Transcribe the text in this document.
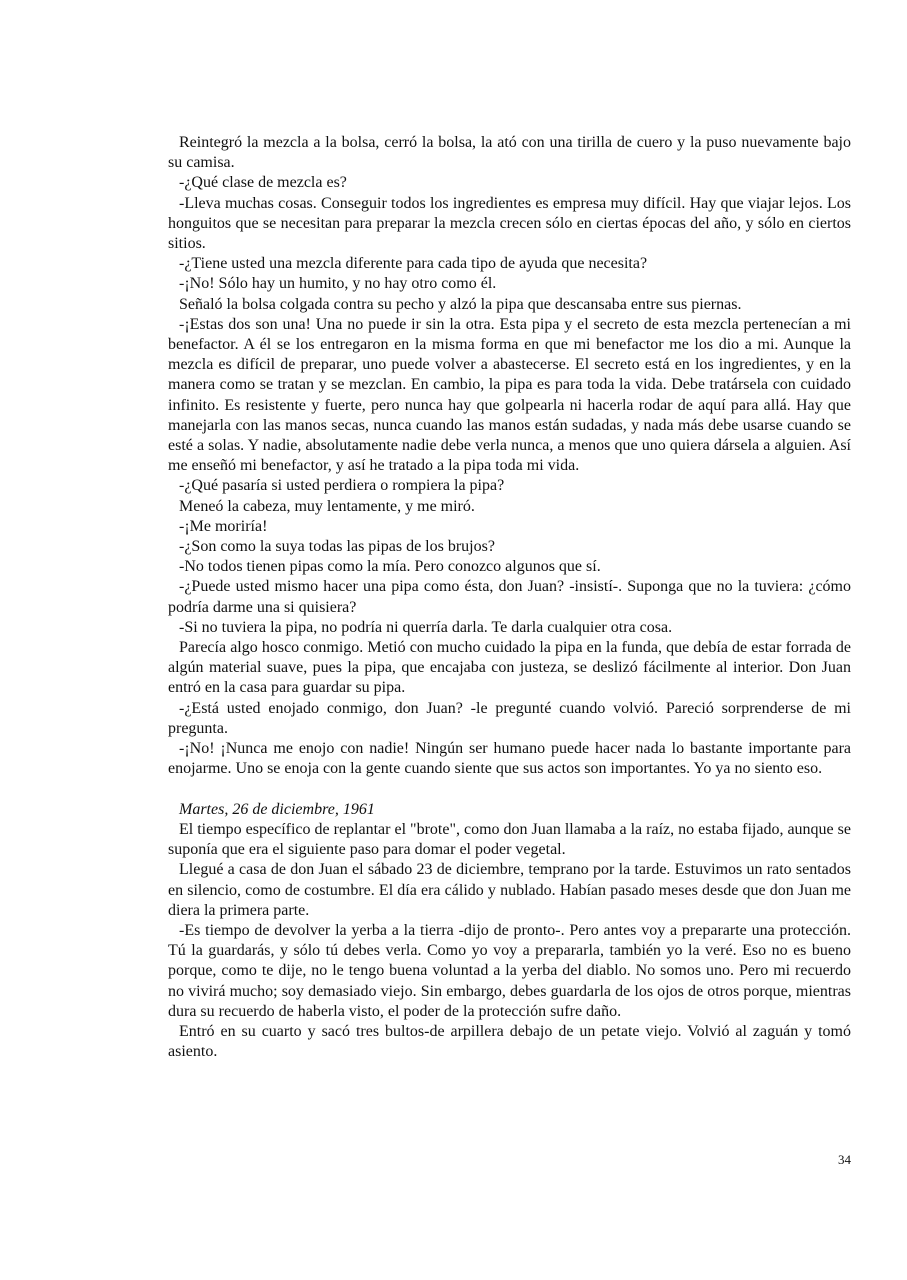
Reintegró la mezcla a la bolsa, cerró la bolsa, la ató con una tirilla de cuero y la puso nuevamente bajo su camisa.

-¿Qué clase de mezcla es?

-Lleva muchas cosas. Conseguir todos los ingredientes es empresa muy difícil. Hay que viajar lejos. Los honguitos que se necesitan para preparar la mezcla crecen sólo en ciertas épocas del año, y sólo en ciertos sitios.

-¿Tiene usted una mezcla diferente para cada tipo de ayuda que necesita?

-¡No! Sólo hay un humito, y no hay otro como él.

Señaló la bolsa colgada contra su pecho y alzó la pipa que descansaba entre sus piernas.

-¡Estas dos son una! Una no puede ir sin la otra. Esta pipa y el secreto de esta mezcla pertenecían a mi benefactor. A él se los entregaron en la misma forma en que mi benefactor me los dio a mi. Aunque la mezcla es difícil de preparar, uno puede volver a abastecerse. El secreto está en los ingredientes, y en la manera como se tratan y se mezclan. En cambio, la pipa es para toda la vida. Debe tratársela con cuidado infinito. Es resistente y fuerte, pero nunca hay que golpearla ni hacerla rodar de aquí para allá. Hay que manejarla con las manos secas, nunca cuando las manos están sudadas, y nada más debe usarse cuando se esté a solas. Y nadie, absolutamente nadie debe verla nunca, a menos que uno quiera dársela a alguien. Así me enseñó mi benefactor, y así he tratado a la pipa toda mi vida.

-¿Qué pasaría si usted perdiera o rompiera la pipa?

Meneó la cabeza, muy lentamente, y me miró.

-¡Me moriría!

-¿Son como la suya todas las pipas de los brujos?

-No todos tienen pipas como la mía. Pero conozco algunos que sí.

-¿Puede usted mismo hacer una pipa como ésta, don Juan? -insistí-. Suponga que no la tuviera: ¿cómo podría darme una si quisiera?

-Si no tuviera la pipa, no podría ni querría darla. Te darla cualquier otra cosa.

Parecía algo hosco conmigo. Metió con mucho cuidado la pipa en la funda, que debía de estar forrada de algún material suave, pues la pipa, que encajaba con justeza, se deslizó fácilmente al interior. Don Juan entró en la casa para guardar su pipa.

-¿Está usted enojado conmigo, don Juan? -le pregunté cuando volvió. Pareció sorprenderse de mi pregunta.

-¡No! ¡Nunca me enojo con nadie! Ningún ser humano puede hacer nada lo bastante importante para enojarme. Uno se enoja con la gente cuando siente que sus actos son importantes. Yo ya no siento eso.

Martes, 26 de diciembre, 1961

El tiempo específico de replantar el "brote", como don Juan llamaba a la raíz, no estaba fijado, aunque se suponía que era el siguiente paso para domar el poder vegetal.

Llegué a casa de don Juan el sábado 23 de diciembre, temprano por la tarde. Estuvimos un rato sentados en silencio, como de costumbre. El día era cálido y nublado. Habían pasado meses desde que don Juan me diera la primera parte.

-Es tiempo de devolver la yerba a la tierra -dijo de pronto-. Pero antes voy a prepararte una protección. Tú la guardarás, y sólo tú debes verla. Como yo voy a prepararla, también yo la veré. Eso no es bueno porque, como te dije, no le tengo buena voluntad a la yerba del diablo. No somos uno. Pero mi recuerdo no vivirá mucho; soy demasiado viejo. Sin embargo, debes guardarla de los ojos de otros porque, mientras dura su recuerdo de haberla visto, el poder de la protección sufre daño.

Entró en su cuarto y sacó tres bultos-de arpillera debajo de un petate viejo. Volvió al zaguán y tomó asiento.

34
